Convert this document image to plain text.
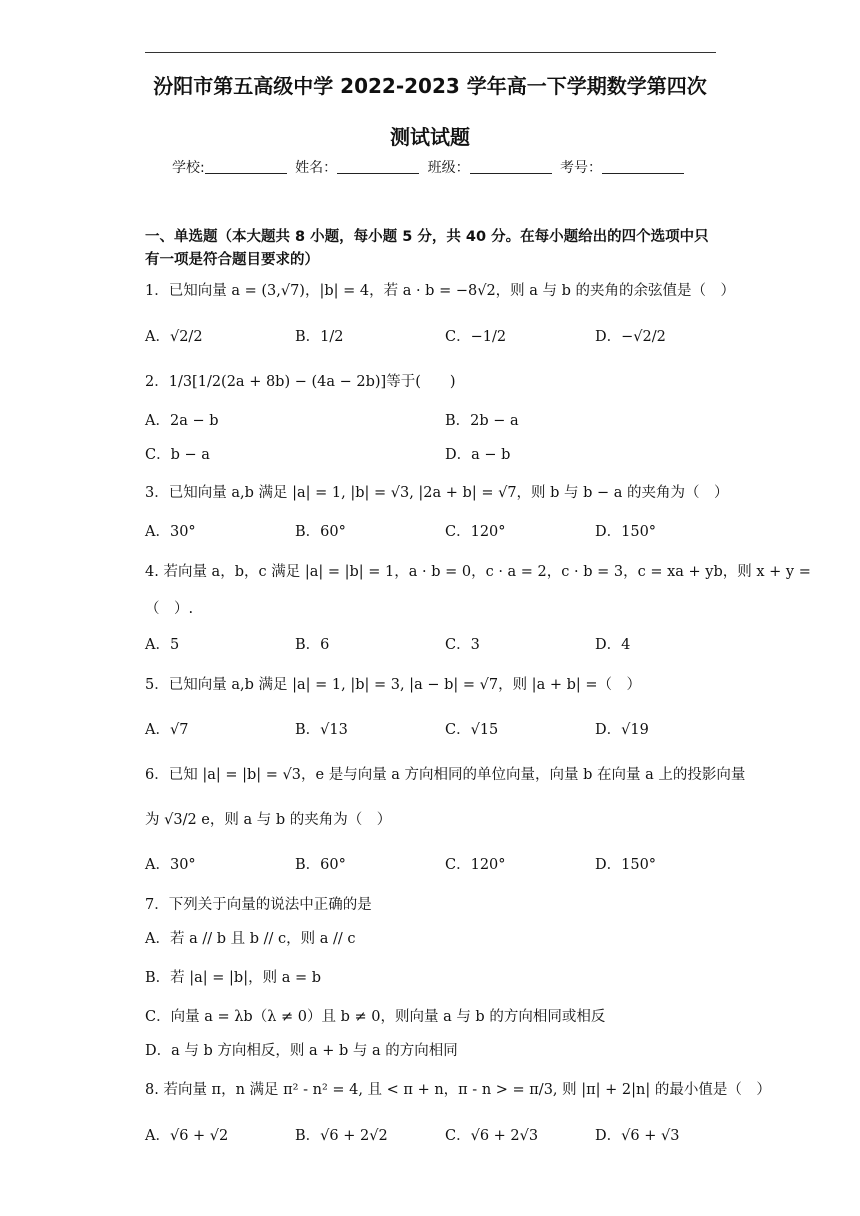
汾阳市第五高级中学 2022-2023 学年高一下学期数学第四次
测试试题
学校:	姓名：	班级：	考号：
一、单选题（本大题共 8 小题，每小题 5 分，共 40 分。在每小题给出的四个选项中只
有一项是符合题目要求的）
1．已知向量 a = (3,√7)，|b| = 4，若 a · b = −8√2，则 a 与 b 的夹角的余弦值是（　）
A．√2/2	B．1/2	C．−1/2	D．−√2/2
2．1/3[1/2(2a + 8b) − (4a − 2b)]等于(　　)
A．2a − b	B．2b − a
C．b − a	D．a − b
3．已知向量 a,b 满足 |a| = 1, |b| = √3, |2a + b| = √7，则 b 与 b − a 的夹角为（　）
A．30°	B．60°	C．120°	D．150°
4. 若向量 a，b，c 满足 |a| = |b| = 1，a · b = 0，c · a = 2，c · b = 3，c = xa + yb，则 x + y =
（　）.
A．5	B．6	C．3	D．4
5．已知向量 a,b 满足 |a| = 1, |b| = 3, |a − b| = √7，则 |a + b| =（　）
A．√7	B．√13	C．√15	D．√19
6．已知 |a| = |b| = √3，e 是与向量 a 方向相同的单位向量，向量 b 在向量 a 上的投影向量
为 √3/2 e，则 a 与 b 的夹角为（　）
A．30°	B．60°	C．120°	D．150°
7．下列关于向量的说法中正确的是
A．若 a // b 且 b // c，则 a // c
B．若 |a| = |b|，则 a = b
C．向量 a = λb（λ ≠ 0）且 b ≠ 0，则向量 a 与 b 的方向相同或相反
D．a 与 b 方向相反，则 a + b 与 a 的方向相同
8. 若向量 π，n 满足 π² - n² = 4, 且 < π + n，π - n > = π/3, 则 |π| + 2|n| 的最小值是（　）
A．√6 + √2	B．√6 + 2√2	C．√6 + 2√3	D．√6 + √3
